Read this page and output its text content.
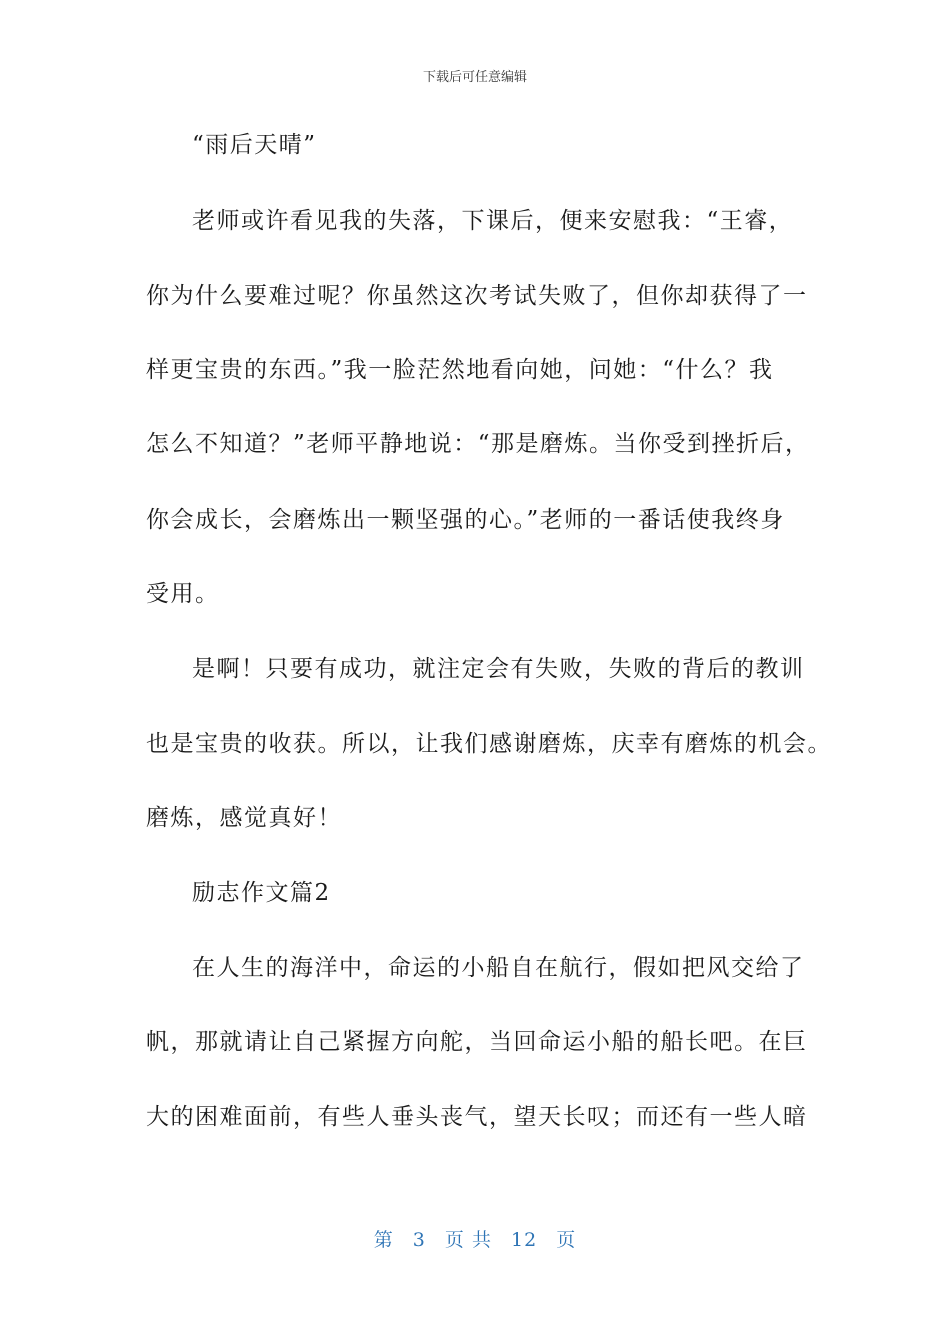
下载后可任意编辑
“雨后天晴”
老师或许看见我的失落，下课后，便来安慰我：“王睿，
你为什么要难过呢？你虽然这次考试失败了，但你却获得了一
样更宝贵的东西。”我一脸茫然地看向她，问她：“什么？我
怎么不知道？”老师平静地说：“那是磨炼。当你受到挫折后，
你会成长，会磨炼出一颗坚强的心。”老师的一番话使我终身
受用。
是啊！只要有成功，就注定会有失败，失败的背后的教训
也是宝贵的收获。所以，让我们感谢磨炼，庆幸有磨炼的机会。
磨炼，感觉真好！
励志作文篇2
在人生的海洋中，命运的小船自在航行，假如把风交给了
帆，那就请让自己紧握方向舵，当回命运小船的船长吧。在巨
大的困难面前，有些人垂头丧气，望天长叹；而还有一些人暗
第 3 页 共 12 页
